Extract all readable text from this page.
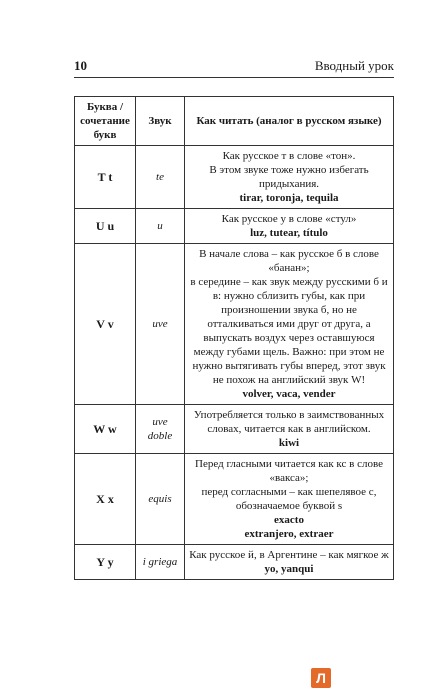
10	Вводный урок
Буква / сочетание букв	Звук	Как читать (аналог в русском языке)
T t	te	Как русское т в слове «тон».

В этом звуке тоже нужно избегать придыхания.

tirar, toronja, tequila

U u	u	Как русское у в слове «стул»

luz, tutear, título

V v	uve	В начале слова – как русское б в слове «банан»;

в середине – как звук между русскими б и в: нужно сблизить губы, как при произношении звука б, но не отталкиваться ими друг от друга, а выпускать воздух через оставшуюся между губами щель. Важно: при этом не нужно вытягивать губы вперед, этот звук не похож на английский звук W!

volver, vaca, vender

W w	uve doble	Употребляется только в заимствованных словах, читается как в английском.

kiwi

X x	equis	Перед гласными читается как кс в слове «вакса»;

перед согласными – как шепелявое с, обозначаемое буквой s

exacto
extranjero, extraer

Y y	i griega	Как русское й, в Аргентине – как мягкое ж

yo, yanqui

Л
